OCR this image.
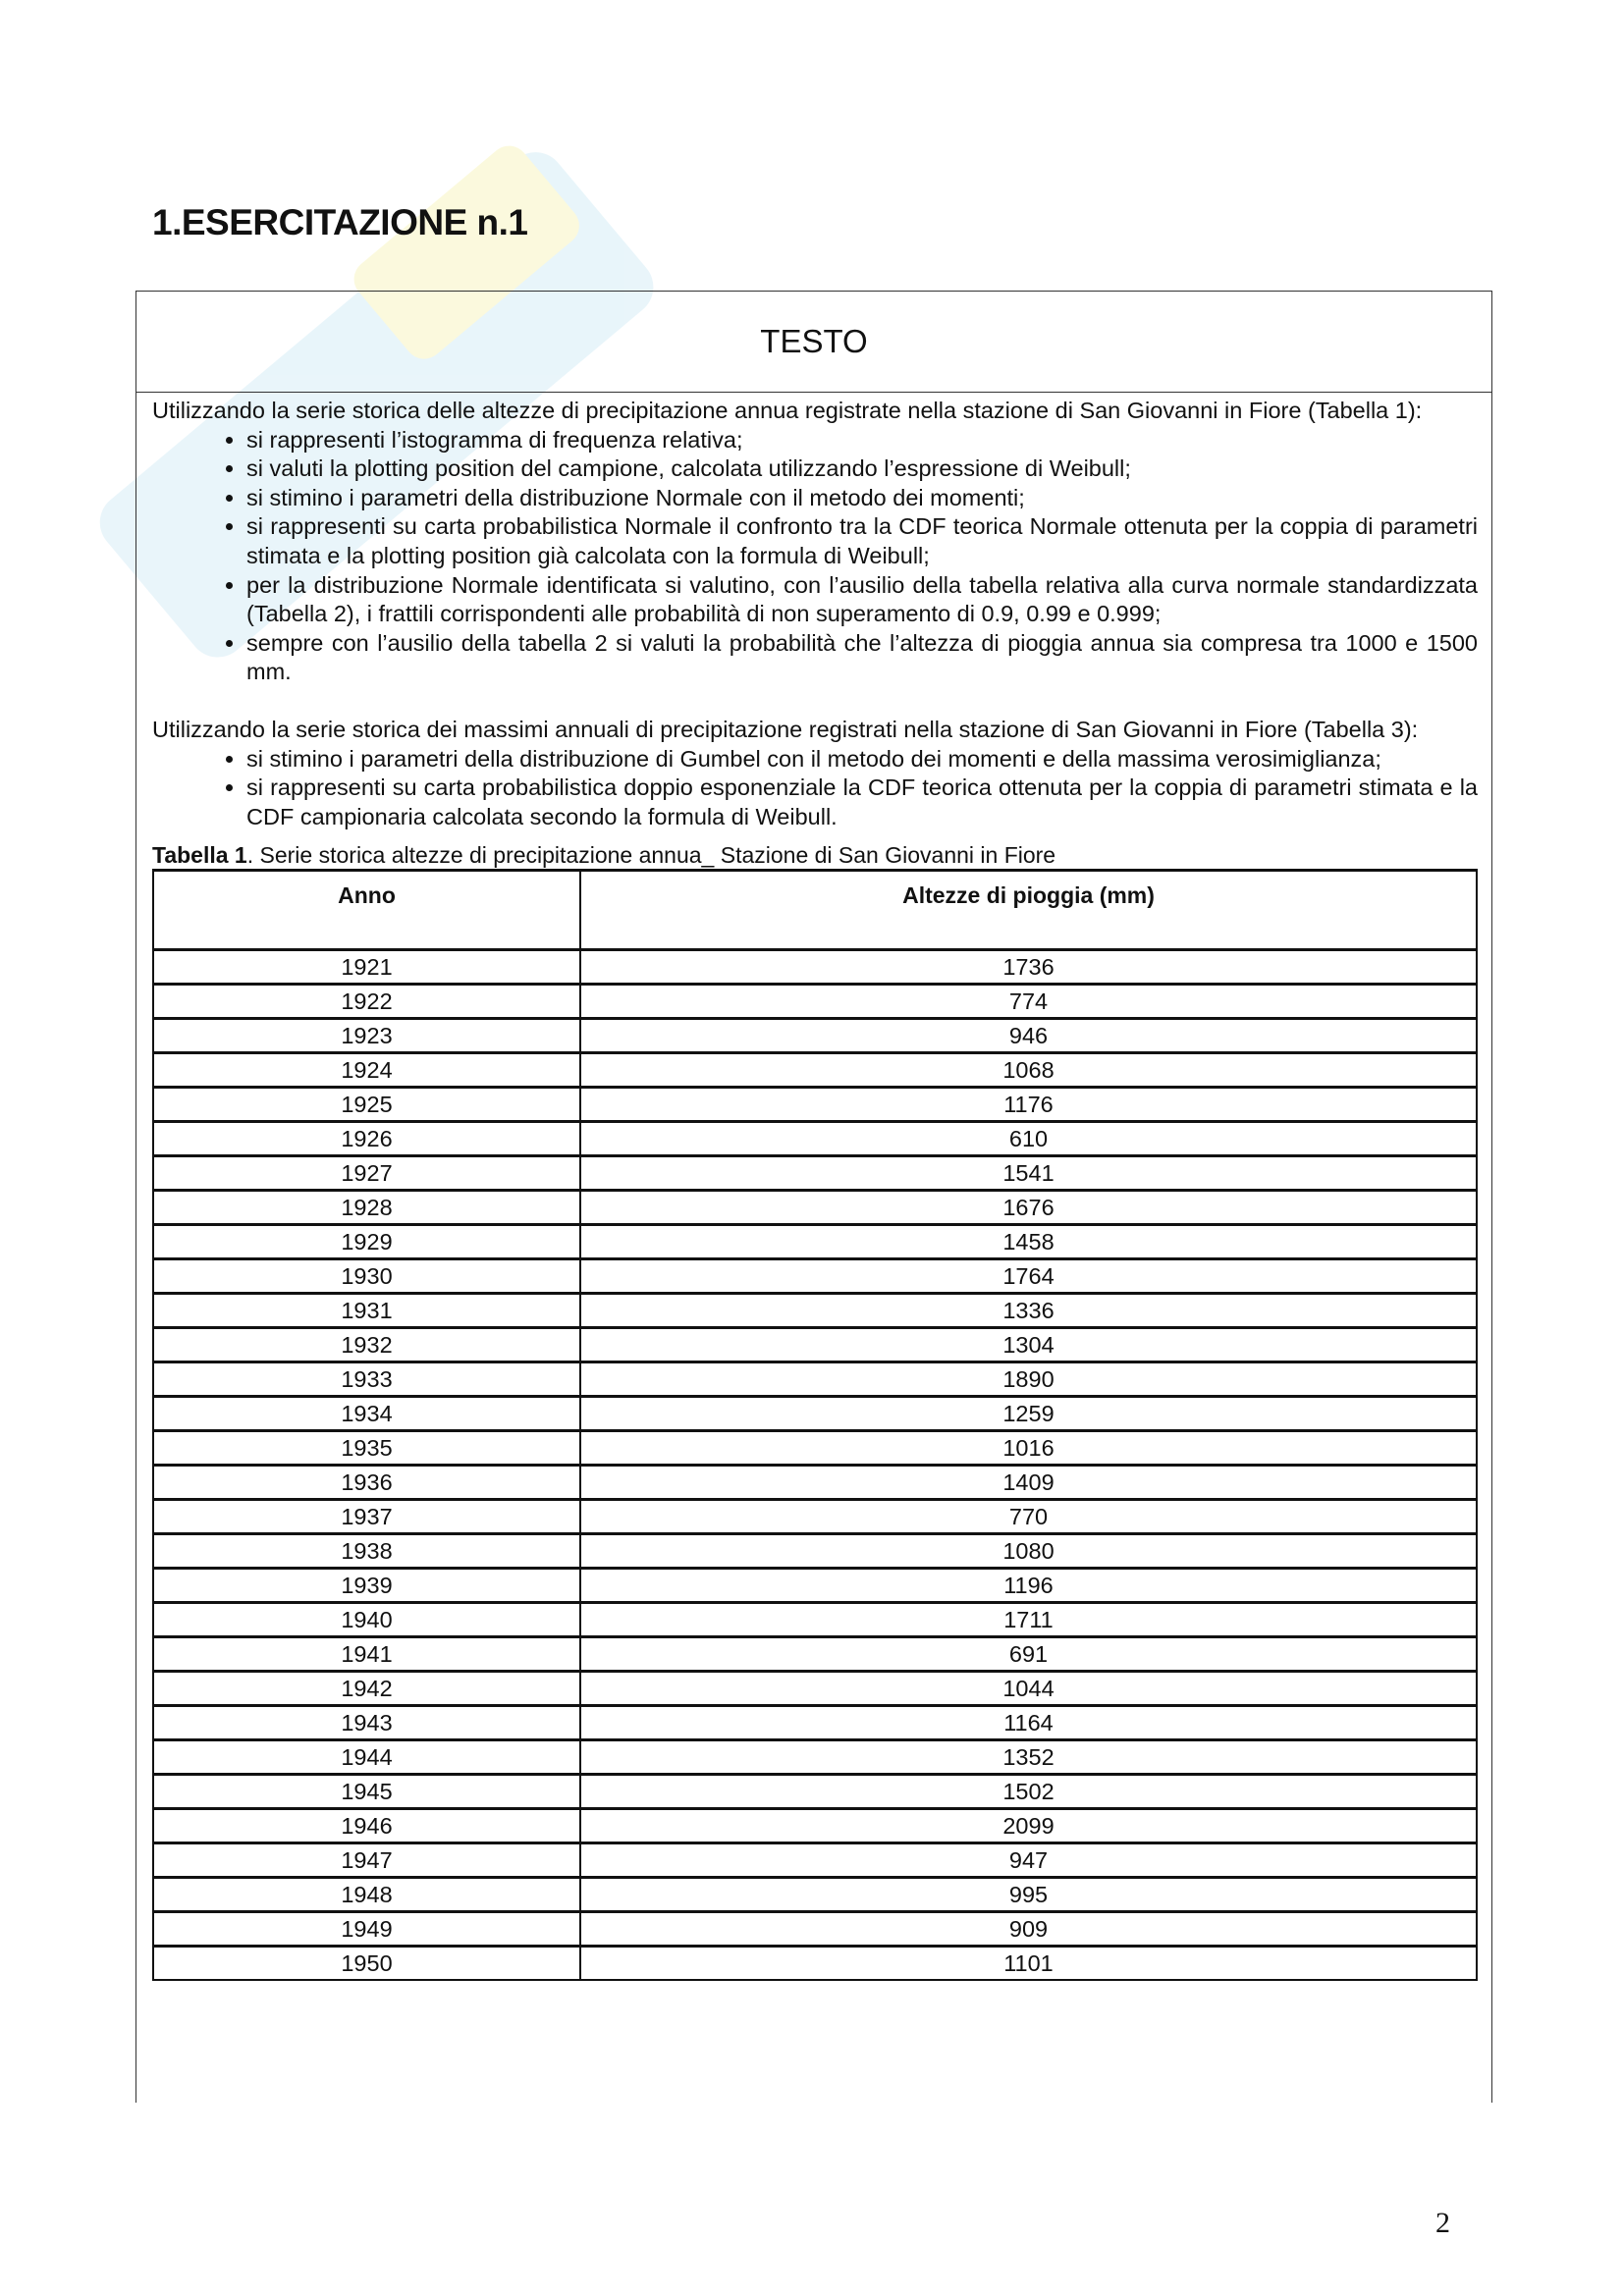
1.ESERCITAZIONE n.1
TESTO

Utilizzando la serie storica delle altezze di precipitazione annua registrate nella stazione di San Giovanni in Fiore (Tabella 1):

• si rappresenti l’istogramma di frequenza relativa;
• si valuti la plotting position del campione, calcolata utilizzando l’espressione di Weibull;
• si stimino i parametri della distribuzione Normale con il metodo dei momenti;
• si rappresenti su carta probabilistica Normale il confronto tra la CDF teorica Normale ottenuta per la coppia di parametri stimata e la plotting position già calcolata con la formula di Weibull;
• per la distribuzione Normale identificata si valutino, con l’ausilio della tabella relativa alla curva normale standardizzata (Tabella 2), i frattili corrispondenti alle probabilità di non superamento di 0.9, 0.99 e 0.999;
• sempre con l’ausilio della tabella 2 si valuti la probabilità che l’altezza di pioggia annua sia compresa tra 1000 e 1500 mm.

Utilizzando la serie storica dei massimi annuali di precipitazione registrati nella stazione di San Giovanni in Fiore (Tabella 3):

• si stimino i parametri della distribuzione di Gumbel con il metodo dei momenti e della massima verosimiglianza;
• si rappresenti su carta probabilistica doppio esponenziale la CDF teorica ottenuta per la coppia di parametri stimata e la CDF campionaria calcolata secondo la formula di Weibull.
Tabella 1. Serie storica altezze di precipitazione annua_ Stazione di San Giovanni in Fiore
Anno	Altezze di pioggia (mm)
1921	1736
1922	774
1923	946
1924	1068
1925	1176
1926	610
1927	1541
1928	1676
1929	1458
1930	1764
1931	1336
1932	1304
1933	1890
1934	1259
1935	1016
1936	1409
1937	770
1938	1080
1939	1196
1940	1711
1941	691
1942	1044
1943	1164
1944	1352
1945	1502
1946	2099
1947	947
1948	995
1949	909
1950	1101
2
